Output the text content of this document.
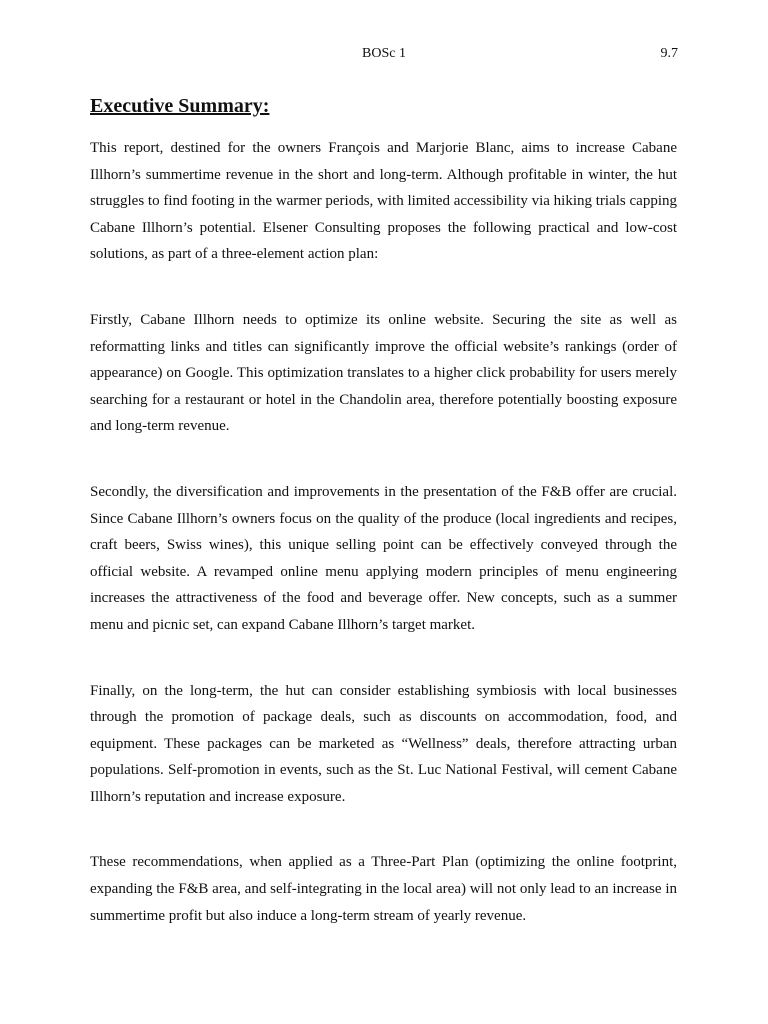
BOSc 1	9.7
Executive Summary:

This report, destined for the owners François and Marjorie Blanc, aims to increase Cabane Illhorn’s summertime revenue in the short and long-term. Although profitable in winter, the hut struggles to find footing in the warmer periods, with limited accessibility via hiking trials capping Cabane Illhorn’s potential. Elsener Consulting proposes the following practical and low-cost solutions, as part of a three-element action plan:

Firstly, Cabane Illhorn needs to optimize its online website. Securing the site as well as reformatting links and titles can significantly improve the official website’s rankings (order of appearance) on Google. This optimization translates to a higher click probability for users merely searching for a restaurant or hotel in the Chandolin area, therefore potentially boosting exposure and long-term revenue.

Secondly, the diversification and improvements in the presentation of the F&B offer are crucial. Since Cabane Illhorn’s owners focus on the quality of the produce (local ingredients and recipes, craft beers, Swiss wines), this unique selling point can be effectively conveyed through the official website. A revamped online menu applying modern principles of menu engineering increases the attractiveness of the food and beverage offer. New concepts, such as a summer menu and picnic set, can expand Cabane Illhorn’s target market.

Finally, on the long-term, the hut can consider establishing symbiosis with local businesses through the promotion of package deals, such as discounts on accommodation, food, and equipment. These packages can be marketed as “Wellness” deals, therefore attracting urban populations. Self-promotion in events, such as the St. Luc National Festival, will cement Cabane Illhorn’s reputation and increase exposure.

These recommendations, when applied as a Three-Part Plan (optimizing the online footprint, expanding the F&B area, and self-integrating in the local area) will not only lead to an increase in summertime profit but also induce a long-term stream of yearly revenue.
